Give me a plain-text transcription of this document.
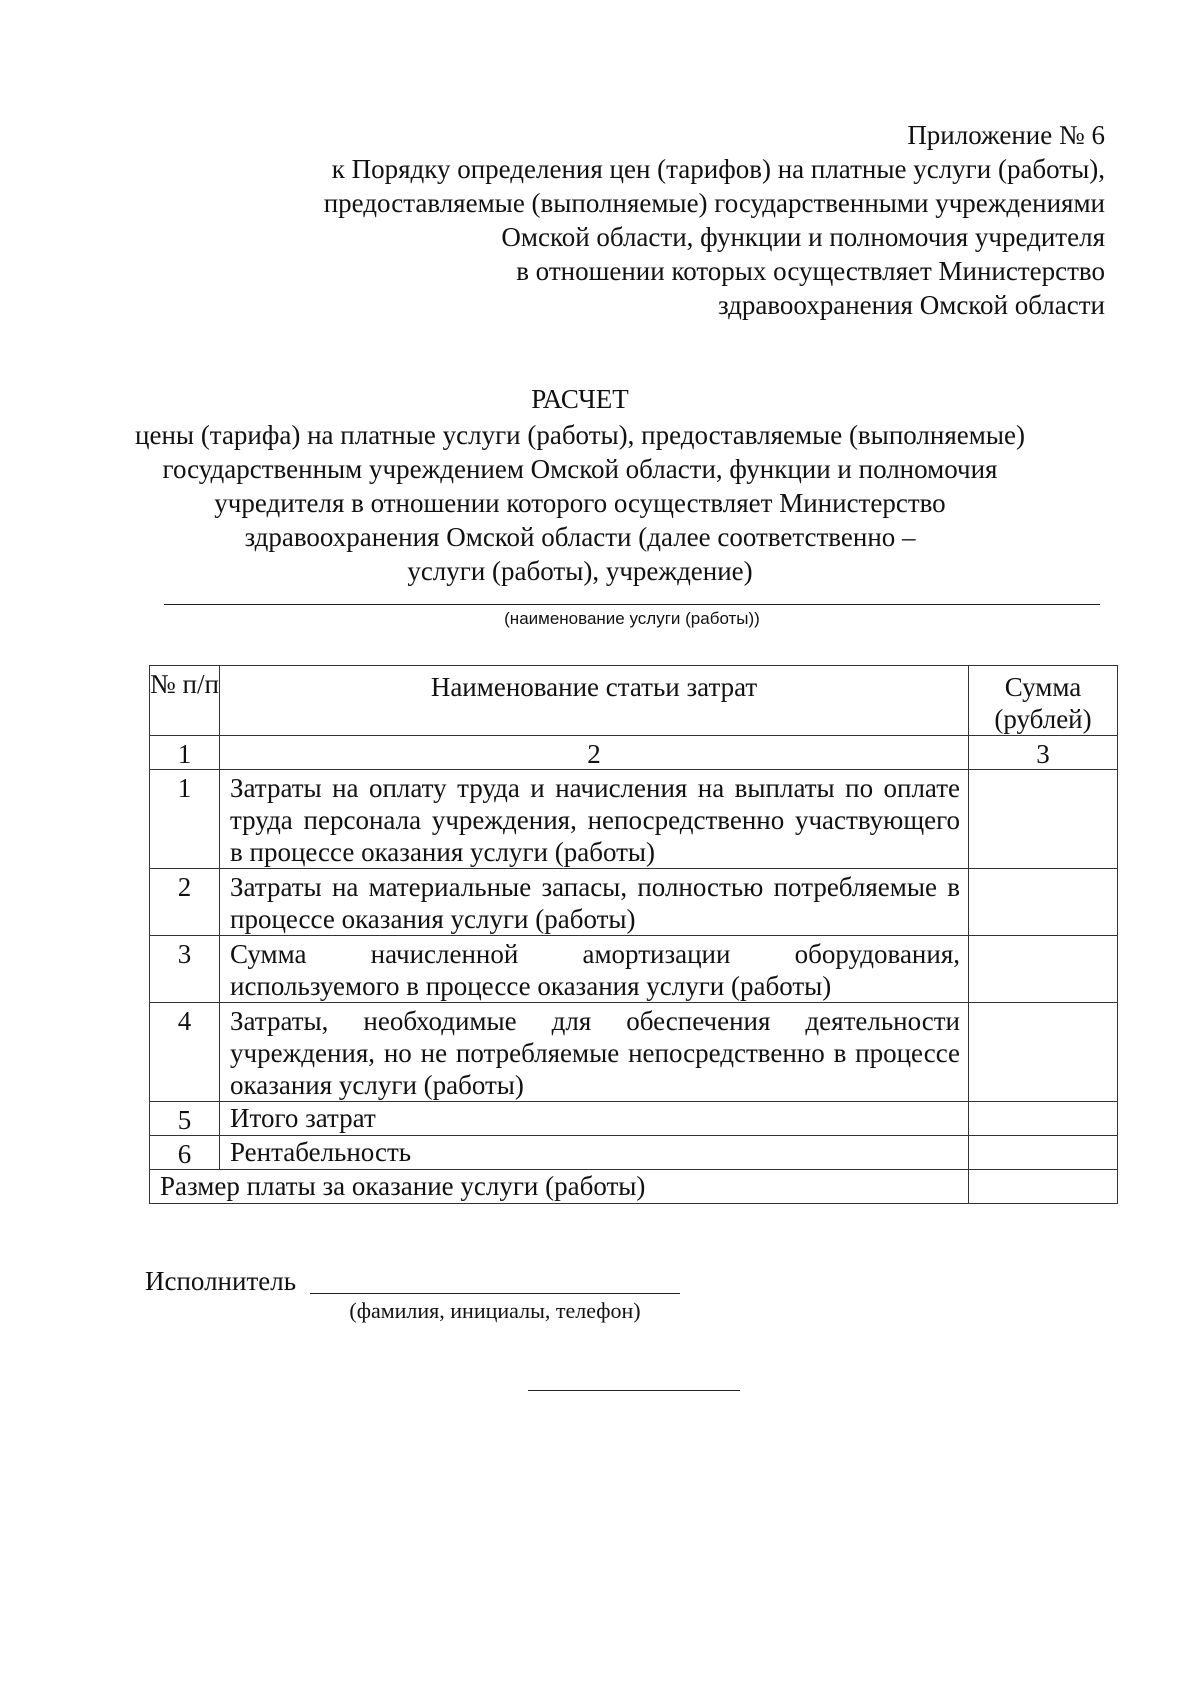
Приложение № 6
к Порядку определения цен (тарифов) на платные услуги (работы),
предоставляемые (выполняемые) государственными учреждениями
Омской области, функции и полномочия учредителя
в отношении которых осуществляет Министерство
здравоохранения Омской области
РАСЧЕТ
цены (тарифа) на платные услуги (работы), предоставляемые (выполняемые)
государственным учреждением Омской области, функции и полномочия
учредителя в отношении которого осуществляет Министерство
здравоохранения Омской области (далее соответственно –
услуги (работы), учреждение)
(наименование услуги (работы))
№ п/п	Наименование статьи затрат	Сумма (рублей)
1	2	3
1	Затраты на оплату труда и начисления на выплаты по оплате труда персонала учреждения, непосредственно участвующего в процессе оказания услуги (работы)	
2	Затраты на материальные запасы, полностью потребляемые в процессе оказания услуги (работы)	
3	Сумма начисленной амортизации оборудования, используемого в процессе оказания услуги (работы)	
4	Затраты, необходимые для обеспечения деятельности учреждения, но не потребляемые непосредственно в процессе оказания услуги (работы)	
5	Итого затрат	
6	Рентабельность	
Размер платы за оказание услуги (работы)		
Исполнитель
(фамилия, инициалы, телефон)
